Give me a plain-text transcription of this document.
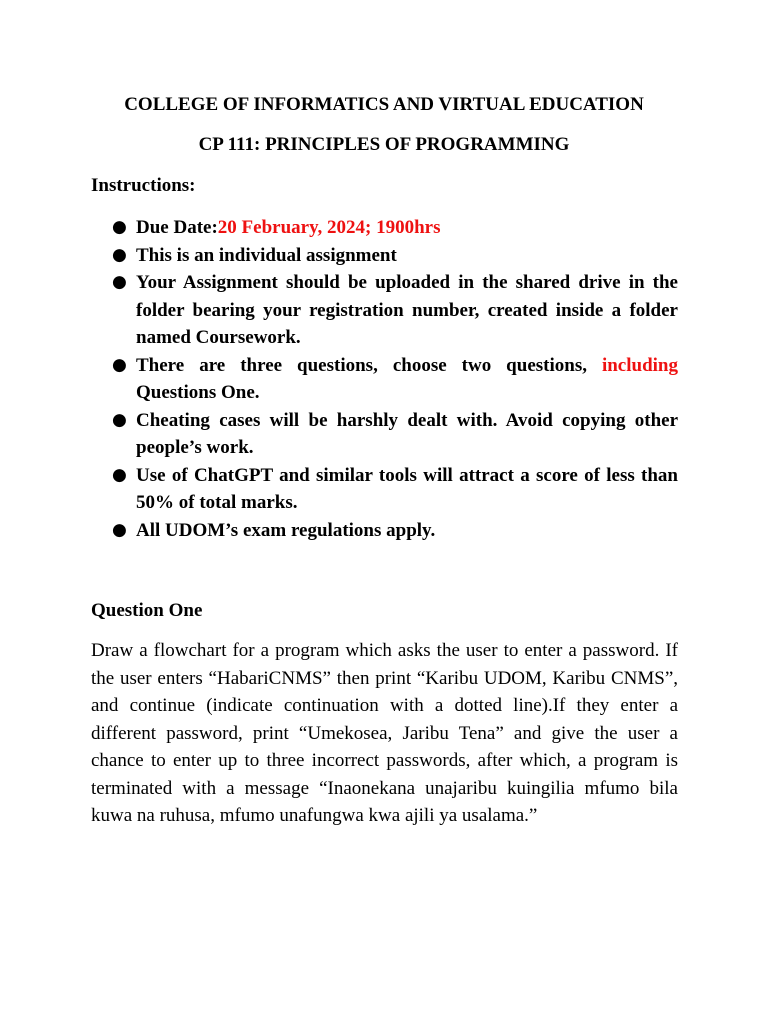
COLLEGE OF INFORMATICS AND VIRTUAL EDUCATION
CP 111: PRINCIPLES OF PROGRAMMING
Instructions:
● Due Date:20 February, 2024; 1900hrs
● This is an individual assignment
● Your Assignment should be uploaded in the shared drive in the folder bearing your registration number, created inside a folder named Coursework.
● There are three questions, choose two questions, including Questions One.
● Cheating cases will be harshly dealt with. Avoid copying other people’s work.
● Use of ChatGPT and similar tools will attract a score of less than 50% of total marks.
● All UDOM’s exam regulations apply.
Question One

Draw a flowchart for a program which asks the user to enter a password. If the user enters “HabariCNMS” then print “Karibu UDOM, Karibu CNMS”, and continue (indicate continuation with a dotted line).If they enter a different password, print “Umekosea, Jaribu Tena” and give the user a chance to enter up to three incorrect passwords, after which, a program is terminated with a message “Inaonekana unajaribu kuingilia mfumo bila kuwa na ruhusa, mfumo unafungwa kwa ajili ya usalama.”
